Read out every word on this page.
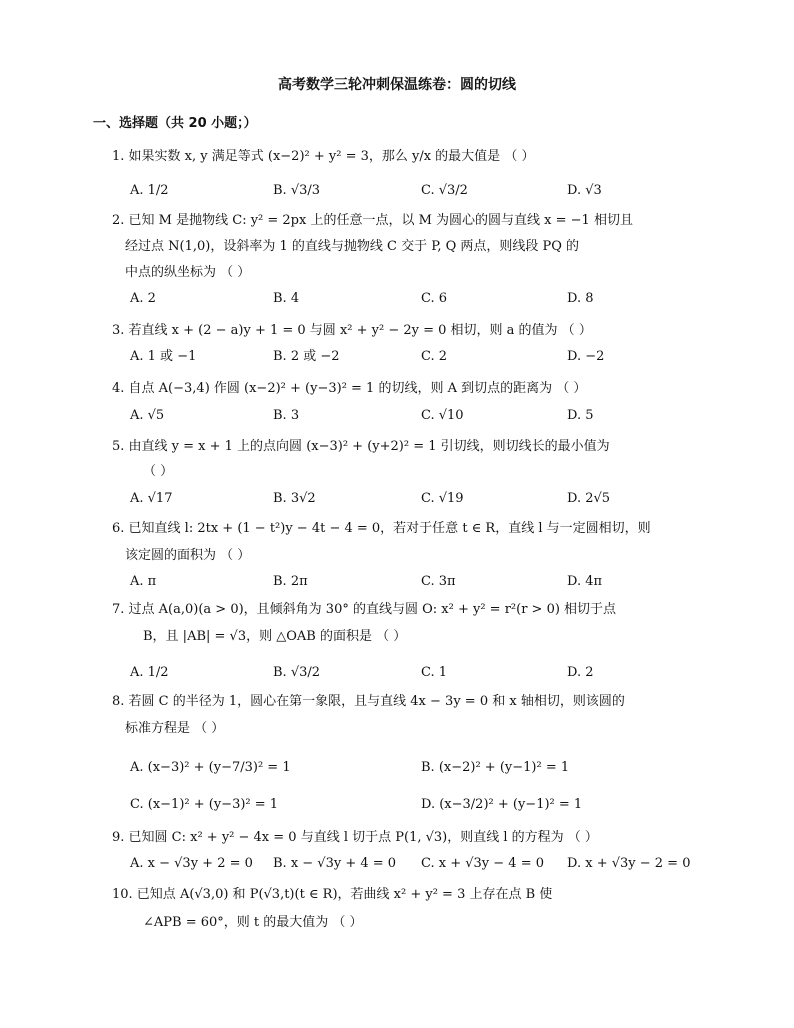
高考数学三轮冲刺保温练卷：圆的切线
一、选择题（共 20 小题；）
1. 如果实数 x, y 满足等式 (x−2)² + y² = 3，那么 y/x 的最大值是 （ ）
A. 1/2	B. √3/3	C. √3/2	D. √3
2. 已知 M 是抛物线 C: y² = 2px 上的任意一点，以 M 为圆心的圆与直线 x = −1 相切且
经过点 N(1,0)，设斜率为 1 的直线与抛物线 C 交于 P, Q 两点，则线段 PQ 的
中点的纵坐标为 （ ）
A. 2	B. 4	C. 6	D. 8
3. 若直线 x + (2 − a)y + 1 = 0 与圆 x² + y² − 2y = 0 相切，则 a 的值为 （ ）
A. 1 或 −1	B. 2 或 −2	C. 2	D. −2
4. 自点 A(−3,4) 作圆 (x−2)² + (y−3)² = 1 的切线，则 A 到切点的距离为 （ ）
A. √5	B. 3	C. √10	D. 5
5. 由直线 y = x + 1 上的点向圆 (x−3)² + (y+2)² = 1 引切线，则切线长的最小值为
（ ）
A. √17	B. 3√2	C. √19	D. 2√5
6. 已知直线 l: 2tx + (1 − t²)y − 4t − 4 = 0，若对于任意 t ∈ R，直线 l 与一定圆相切，则
该定圆的面积为 （ ）
A. π	B. 2π	C. 3π	D. 4π
7. 过点 A(a,0)(a > 0)，且倾斜角为 30° 的直线与圆 O: x² + y² = r²(r > 0) 相切于点
B，且 |AB| = √3，则 △OAB 的面积是 （ ）
A. 1/2	B. √3/2	C. 1	D. 2
8. 若圆 C 的半径为 1，圆心在第一象限，且与直线 4x − 3y = 0 和 x 轴相切，则该圆的
标准方程是 （ ）
A. (x−3)² + (y−7/3)² = 1	B. (x−2)² + (y−1)² = 1
C. (x−1)² + (y−3)² = 1	D. (x−3/2)² + (y−1)² = 1
9. 已知圆 C: x² + y² − 4x = 0 与直线 l 切于点 P(1, √3)，则直线 l 的方程为 （ ）
A. x − √3y + 2 = 0 B. x − √3y + 4 = 0 C. x + √3y − 4 = 0 D. x + √3y − 2 = 0
10. 已知点 A(√3,0) 和 P(√3,t)(t ∈ R)，若曲线 x² + y² = 3 上存在点 B 使
∠APB = 60°，则 t 的最大值为 （ ）
